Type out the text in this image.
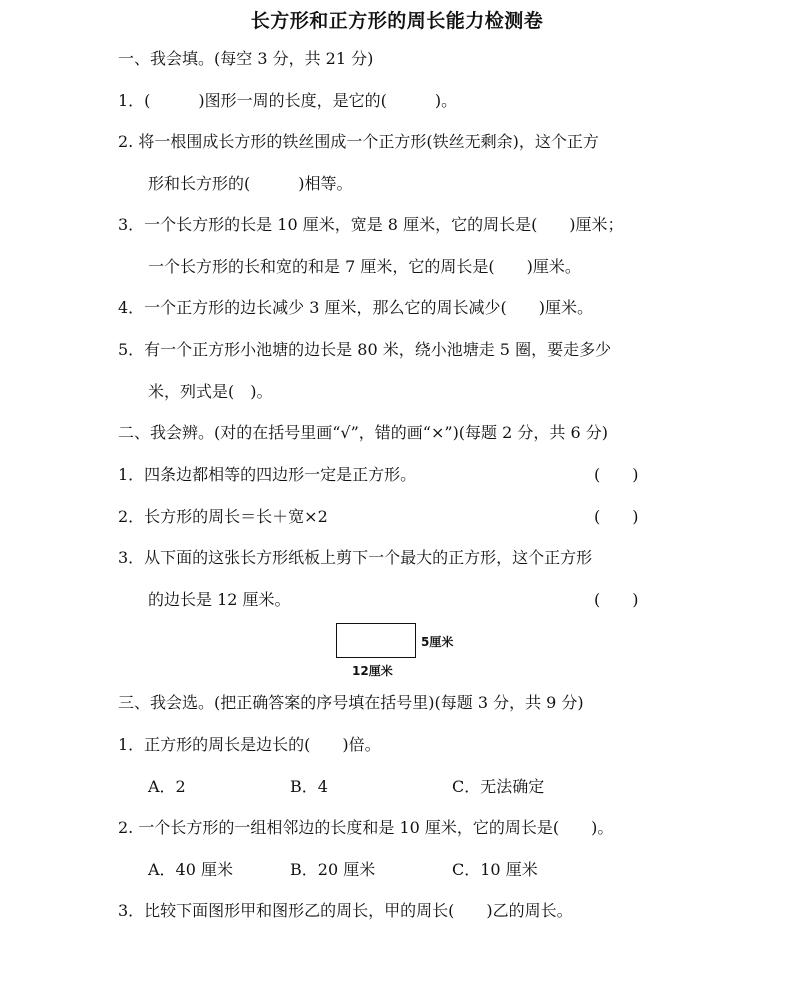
长方形和正方形的周长能力检测卷
一、我会填。(每空 3 分，共 21 分)
1．(　　　)图形一周的长度，是它的(　　　)。
2. 将一根围成长方形的铁丝围成一个正方形(铁丝无剩余)，这个正方
形和长方形的(　　　)相等。
3．一个长方形的长是 10 厘米，宽是 8 厘米，它的周长是(　　)厘米；
一个长方形的长和宽的和是 7 厘米，它的周长是(　　)厘米。
4．一个正方形的边长减少 3 厘米，那么它的周长减少(　　)厘米。
5．有一个正方形小池塘的边长是 80 米，绕小池塘走 5 圈，要走多少
米，列式是(　)。
二、我会辨。(对的在括号里画“√”，错的画“×”)(每题 2 分，共 6 分)
1．四条边都相等的四边形一定是正方形。	(　　)
2．长方形的周长＝长＋宽×2	(　　)
3．从下面的这张长方形纸板上剪下一个最大的正方形，这个正方形
的边长是 12 厘米。	(　　)
5厘米
12厘米
三、我会选。(把正确答案的序号填在括号里)(每题 3 分，共 9 分)
1．正方形的周长是边长的(　　)倍。
A．2	B．4	C．无法确定
2. 一个长方形的一组相邻边的长度和是 10 厘米，它的周长是(　　)。
A．40 厘米	B．20 厘米	C．10 厘米
3．比较下面图形甲和图形乙的周长，甲的周长(　　)乙的周长。
